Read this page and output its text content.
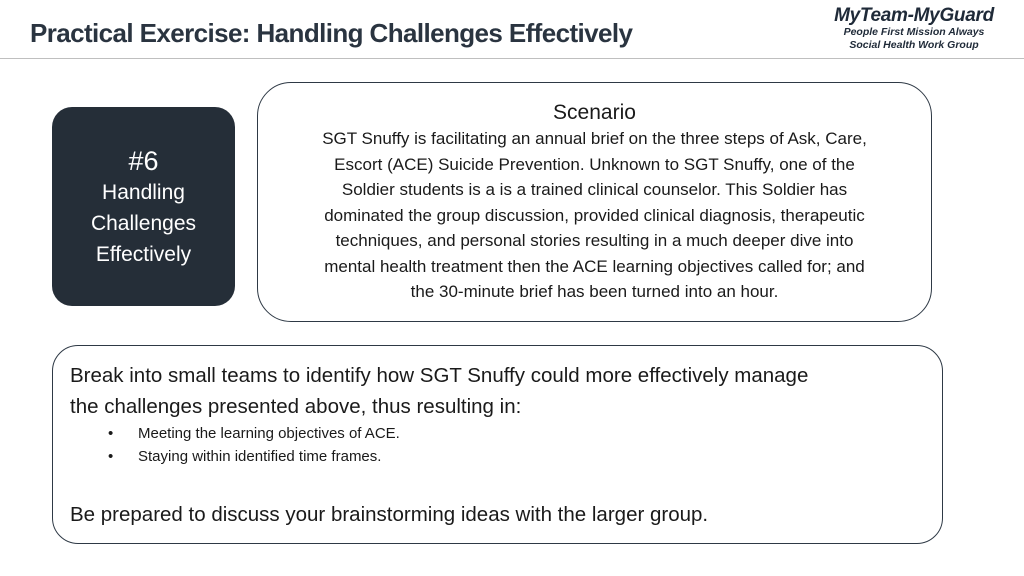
Practical Exercise: Handling Challenges Effectively
MyTeam-MyGuard
People First Mission Always
Social Health Work Group
#6
Handling
Challenges
Effectively
Scenario
SGT Snuffy is facilitating an annual brief on the three steps of Ask, Care,
Escort (ACE) Suicide Prevention. Unknown to SGT Snuffy, one of the
Soldier students is a is a trained clinical counselor. This Soldier has
dominated the group discussion, provided clinical diagnosis, therapeutic
techniques, and personal stories resulting in a much deeper dive into
mental health treatment then the ACE learning objectives called for; and
the 30-minute brief has been turned into an hour.
Break into small teams to identify how SGT Snuffy could more effectively manage
the challenges presented above, thus resulting in:
• Meeting the learning objectives of ACE.
• Staying within identified time frames.
Be prepared to discuss your brainstorming ideas with the larger group.
